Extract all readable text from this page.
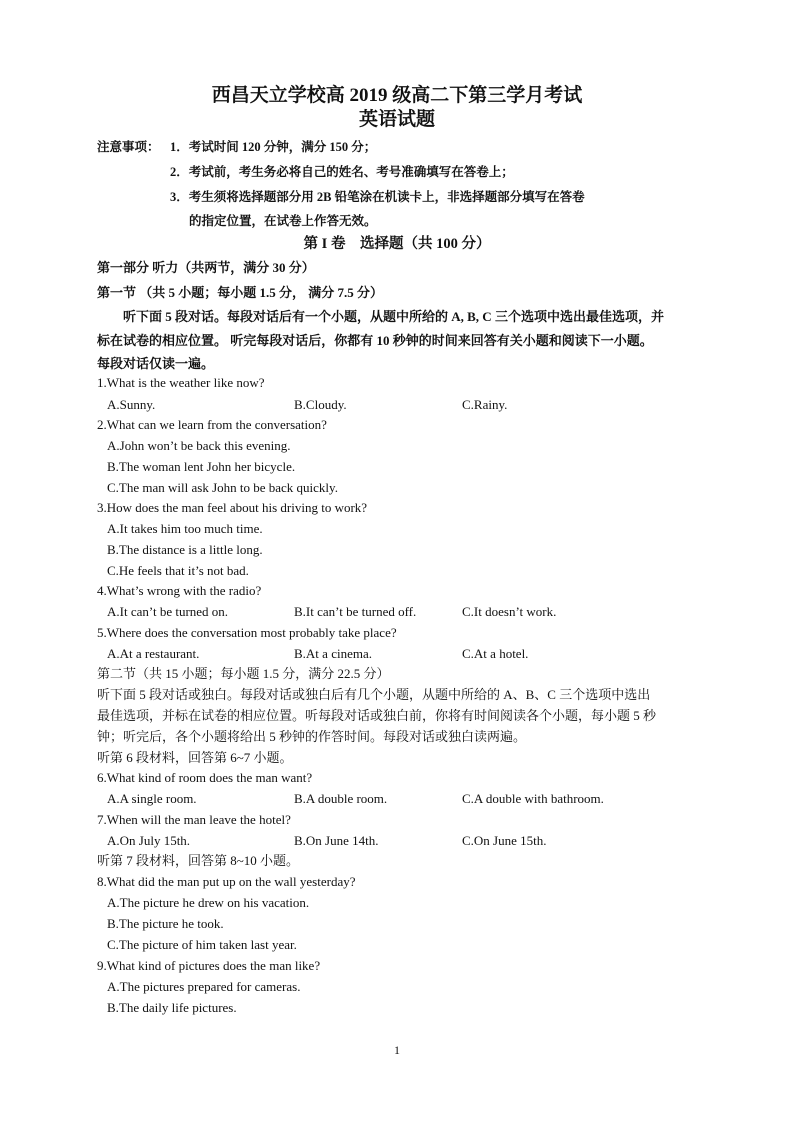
西昌天立学校高 2019 级高二下第三学月考试
英语试题
注意事项： 1．考试时间 120 分钟，满分 150 分；
2．考试前，考生务必将自己的姓名、考号准确填写在答卷上；
3．考生须将选择题部分用 2B 铅笔涂在机读卡上，非选择题部分填写在答卷
的指定位置，在试卷上作答无效。
第 I 卷　选择题（共 100 分）
第一部分 听力（共两节，满分 30 分）
第一节 （共 5 小题；每小题 1.5 分， 满分 7.5 分）
听下面 5 段对话。每段对话后有一个小题，从题中所给的 A, B, C 三个选项中选出最佳选项，并
标在试卷的相应位置。 听完每段对话后，你都有 10 秒钟的时间来回答有关小题和阅读下一小题。
每段对话仅读一遍。
1.What is the weather like now?
A.Sunny.	B.Cloudy.	C.Rainy.
2.What can we learn from the conversation?
A.John won’t be back this evening.
B.The woman lent John her bicycle.
C.The man will ask John to be back quickly.
3.How does the man feel about his driving to work?
A.It takes him too much time.
B.The distance is a little long.
C.He feels that it’s not bad.
4.What’s wrong with the radio?
A.It can’t be turned on.	B.It can’t be turned off.	C.It doesn’t work.
5.Where does the conversation most probably take place?
A.At a restaurant.	B.At a cinema.	C.At a hotel.
第二节（共 15 小题；每小题 1.5 分，满分 22.5 分）
听下面 5 段对话或独白。每段对话或独白后有几个小题，从题中所给的 A、B、C 三个选项中选出
最佳选项，并标在试卷的相应位置。听每段对话或独白前，你将有时间阅读各个小题，每小题 5 秒
钟；听完后，各个小题将给出 5 秒钟的作答时间。每段对话或独白读两遍。
听第 6 段材料，回答第 6~7 小题。
6.What kind of room does the man want?
A.A single room.	B.A double room.	C.A double with bathroom.
7.When will the man leave the hotel?
A.On July 15th.	B.On June 14th.	C.On June 15th.
听第 7 段材料，回答第 8~10 小题。
8.What did the man put up on the wall yesterday?
A.The picture he drew on his vacation.
B.The picture he took.
C.The picture of him taken last year.
9.What kind of pictures does the man like?
A.The pictures prepared for cameras.
B.The daily life pictures.
1
